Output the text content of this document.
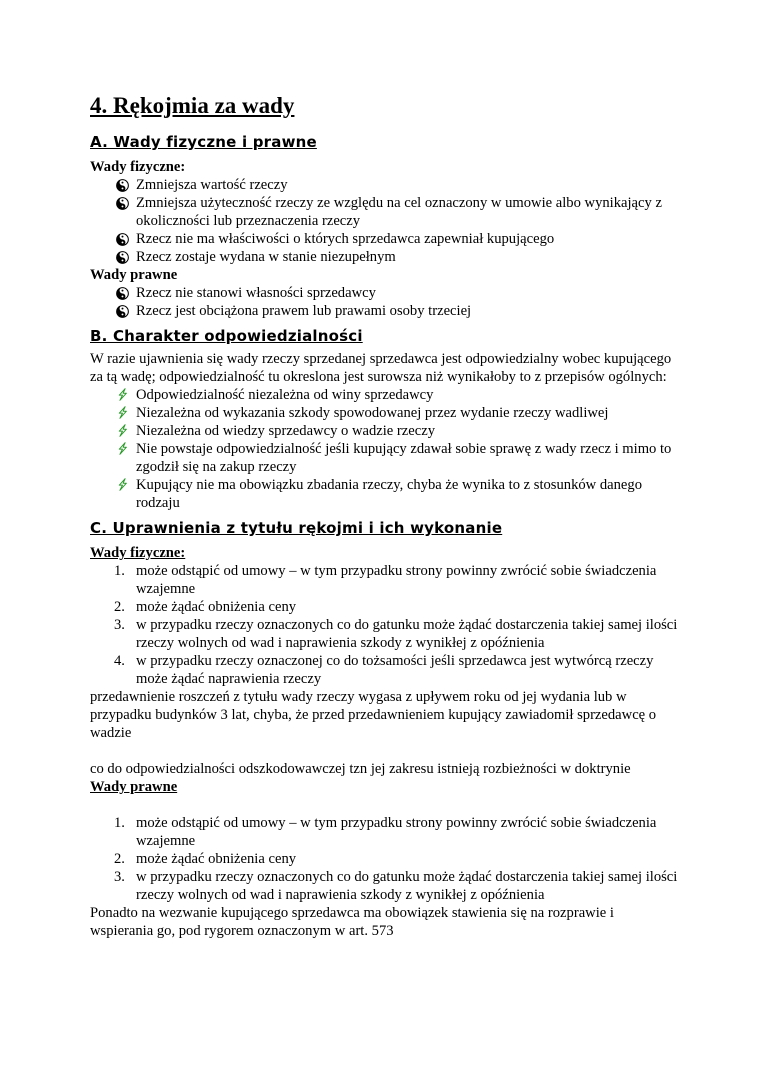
4. Rękojmia za wady
A. Wady fizyczne i prawne

Wady fizyczne:

Zmniejsza wartość rzeczy
Zmniejsza użyteczność rzeczy ze względu na cel oznaczony w umowie albo wynikający z okoliczności lub przeznaczenia rzeczy
Rzecz nie ma właściwości o których sprzedawca zapewniał kupującego
Rzecz zostaje wydana w stanie niezupełnym

Wady prawne

Rzecz nie stanowi własności sprzedawcy
Rzecz jest obciążona prawem lub prawami osoby trzeciej
B. Charakter odpowiedzialności

W razie ujawnienia się wady rzeczy sprzedanej sprzedawca jest odpowiedzialny wobec kupującego za tą wadę; odpowiedzialność tu okreslona jest surowsza niż wynikałoby to z przepisów ogólnych:

Odpowiedzialność niezależna od winy sprzedawcy
Niezależna od wykazania szkody spowodowanej przez wydanie rzeczy wadliwej
Niezależna od wiedzy sprzedawcy o wadzie rzeczy
Nie powstaje odpowiedzialność jeśli kupujący zdawał sobie sprawę z wady rzecz i mimo to zgodził się na zakup rzeczy
Kupujący nie ma obowiązku zbadania rzeczy, chyba że wynika to z stosunków danego rodzaju
C. Uprawnienia z tytułu rękojmi i ich wykonanie

Wady fizyczne:

1. może odstąpić od umowy – w tym przypadku strony powinny zwrócić sobie świadczenia wzajemne
2. może żądać obniżenia ceny
3. w przypadku rzeczy oznaczonych co do gatunku może żądać dostarczenia takiej samej ilości rzeczy wolnych od wad i naprawienia szkody z wynikłej z opóźnienia
4. w przypadku rzeczy oznaczonej co do tożsamości jeśli sprzedawca jest wytwórcą rzeczy może żądać naprawienia rzeczy

przedawnienie roszczeń z tytułu wady rzeczy wygasa z upływem roku od jej wydania lub w przypadku budynków 3 lat, chyba, że przed przedawnieniem kupujący zawiadomił sprzedawcę o wadzie

co do odpowiedzialności odszkodowawczej tzn jej zakresu istnieją rozbieżności w doktrynie

Wady prawne

1. może odstąpić od umowy – w tym przypadku strony powinny zwrócić sobie świadczenia wzajemne
2. może żądać obniżenia ceny
3. w przypadku rzeczy oznaczonych co do gatunku może żądać dostarczenia takiej samej ilości rzeczy wolnych od wad i naprawienia szkody z wynikłej z opóźnienia

Ponadto na wezwanie kupującego sprzedawca ma obowiązek stawienia się na rozprawie i wspierania go, pod rygorem oznaczonym w art. 573
